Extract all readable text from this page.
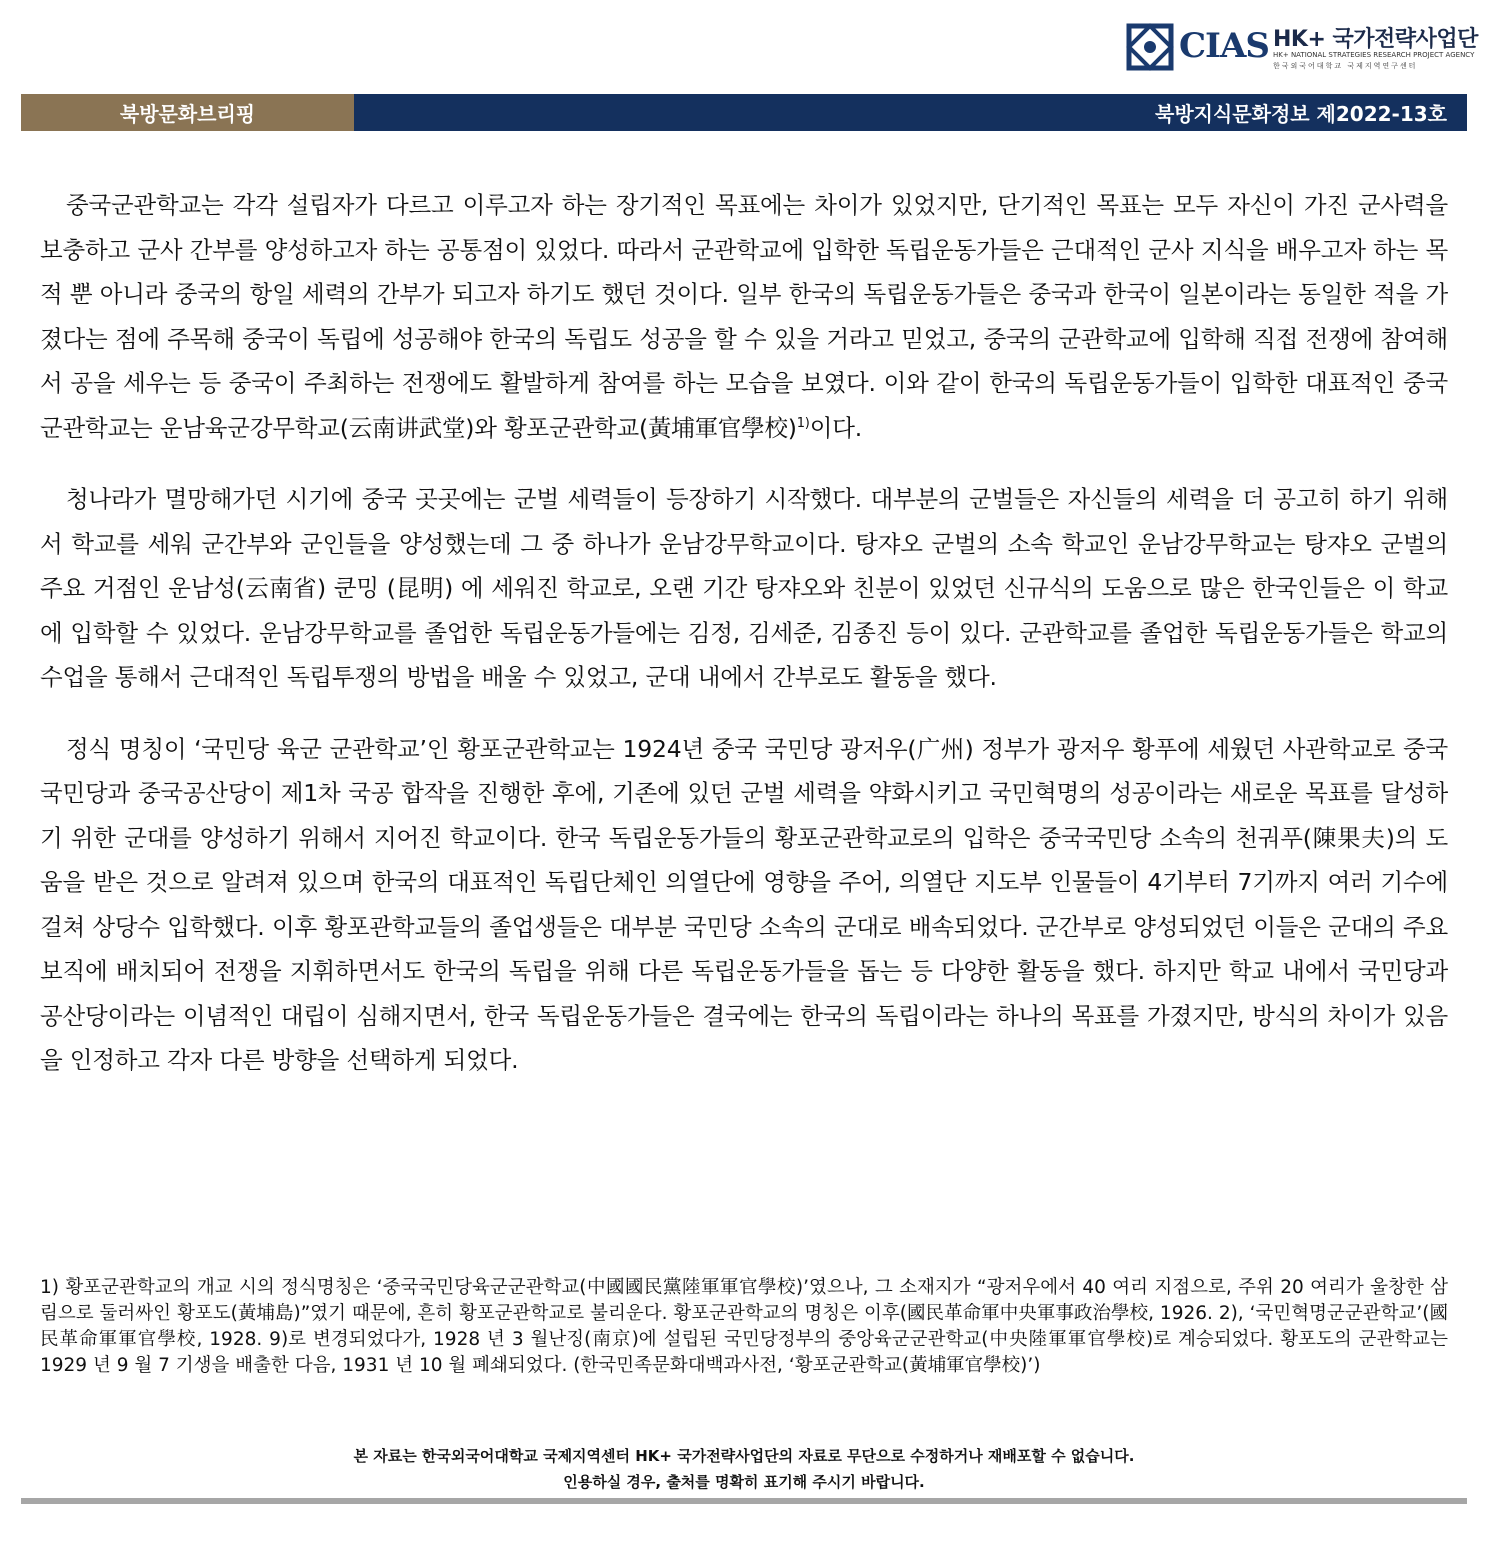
CIAS HK+ 국가전략사업단
HK+ NATIONAL STRATEGIES RESEARCH PROJECT AGENCY
한국외국어대학교 국제지역연구센터
북방문화브리핑	북방지식문화정보 제2022-13호

중국군관학교는 각각 설립자가 다르고 이루고자 하는 장기적인 목표에는 차이가 있었지만, 단기적인 목표는 모두 자신이 가진 군사력을 보충하고 군사 간부를 양성하고자 하는 공통점이 있었다. 따라서 군관학교에 입학한 독립운동가들은 근대적인 군사 지식을 배우고자 하는 목적 뿐 아니라 중국의 항일 세력의 간부가 되고자 하기도 했던 것이다. 일부 한국의 독립운동가들은 중국과 한국이 일본이라는 동일한 적을 가졌다는 점에 주목해 중국이 독립에 성공해야 한국의 독립도 성공을 할 수 있을 거라고 믿었고, 중국의 군관학교에 입학해 직접 전쟁에 참여해서 공을 세우는 등 중국이 주최하는 전쟁에도 활발하게 참여를 하는 모습을 보였다. 이와 같이 한국의 독립운동가들이 입학한 대표적인 중국군관학교는 운남육군강무학교(云南讲武堂)와 황포군관학교(黃埔軍官學校)$^{1)}$이다.

청나라가 멸망해가던 시기에 중국 곳곳에는 군벌 세력들이 등장하기 시작했다. 대부분의 군벌들은 자신들의 세력을 더 공고히 하기 위해서 학교를 세워 군간부와 군인들을 양성했는데 그 중 하나가 운남강무학교이다. 탕쟈오 군벌의 소속 학교인 운남강무학교는 탕쟈오 군벌의 주요 거점인 운남성(云南省) 쿤밍 (昆明) 에 세워진 학교로, 오랜 기간 탕쟈오와 친분이 있었던 신규식의 도움으로 많은 한국인들은 이 학교에 입학할 수 있었다. 운남강무학교를 졸업한 독립운동가들에는 김정, 김세준, 김종진 등이 있다. 군관학교를 졸업한 독립운동가들은 학교의 수업을 통해서 근대적인 독립투쟁의 방법을 배울 수 있었고, 군대 내에서 간부로도 활동을 했다.

정식 명칭이 ‘국민당 육군 군관학교’인 황포군관학교는 1924년 중국 국민당 광저우(广州) 정부가 광저우 황푸에 세웠던 사관학교로 중국국민당과 중국공산당이 제1차 국공 합작을 진행한 후에, 기존에 있던 군벌 세력을 약화시키고 국민혁명의 성공이라는 새로운 목표를 달성하기 위한 군대를 양성하기 위해서 지어진 학교이다. 한국 독립운동가들의 황포군관학교로의 입학은 중국국민당 소속의 천궈푸(陳果夫)의 도움을 받은 것으로 알려져 있으며 한국의 대표적인 독립단체인 의열단에 영향을 주어, 의열단 지도부 인물들이 4기부터 7기까지 여러 기수에 걸쳐 상당수 입학했다. 이후 황포관학교들의 졸업생들은 대부분 국민당 소속의 군대로 배속되었다. 군간부로 양성되었던 이들은 군대의 주요 보직에 배치되어 전쟁을 지휘하면서도 한국의 독립을 위해 다른 독립운동가들을 돕는 등 다양한 활동을 했다. 하지만 학교 내에서 국민당과 공산당이라는 이념적인 대립이 심해지면서, 한국 독립운동가들은 결국에는 한국의 독립이라는 하나의 목표를 가졌지만, 방식의 차이가 있음을 인정하고 각자 다른 방향을 선택하게 되었다.

1) 황포군관학교의 개교 시의 정식명칭은 ‘중국국민당육군군관학교(中國國民黨陸軍軍官學校)’였으나, 그 소재지가 “광저우에서 40 여리 지점으로, 주위 20 여리가 울창한 삼림으로 둘러싸인 황포도(黃埔島)”였기 때문에, 흔히 황포군관학교로 불리운다. 황포군관학교의 명칭은 이후(國民革命軍中央軍事政治學校, 1926. 2), ‘국민혁명군군관학교’(國民革命軍軍官學校, 1928. 9)로 변경되었다가, 1928 년 3 월난징(南京)에 설립된 국민당정부의 중앙육군군관학교(中央陸軍軍官學校)로 계승되었다. 황포도의 군관학교는 1929 년 9 월 7 기생을 배출한 다음, 1931 년 10 월 폐쇄되었다. (한국민족문화대백과사전, ‘황포군관학교(黃埔軍官學校)’)
본 자료는 한국외국어대학교 국제지역센터 HK+ 국가전략사업단의 자료로 무단으로 수정하거나 재배포할 수 없습니다.
인용하실 경우, 출처를 명확히 표기해 주시기 바랍니다.
